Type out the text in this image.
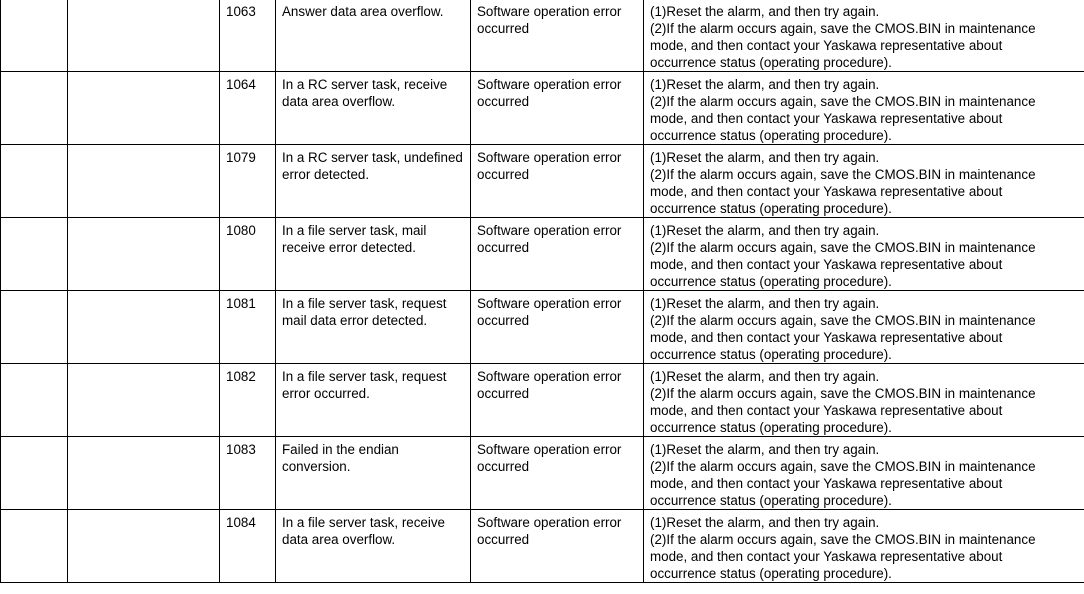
		1063	Answer data area overflow.	Software operation error occurred	(1)Reset the alarm, and then try again.
(2)If the alarm occurs again, save the CMOS.BIN in maintenance
mode, and then contact your Yaskawa representative about
occurrence status (operating procedure).

		1064	In a RC server task, receive data area overflow.	Software operation error occurred	(1)Reset the alarm, and then try again.
(2)If the alarm occurs again, save the CMOS.BIN in maintenance
mode, and then contact your Yaskawa representative about
occurrence status (operating procedure).

		1079	In a RC server task, undefined error detected.	Software operation error occurred	(1)Reset the alarm, and then try again.
(2)If the alarm occurs again, save the CMOS.BIN in maintenance
mode, and then contact your Yaskawa representative about
occurrence status (operating procedure).

		1080	In a file server task, mail receive error detected.	Software operation error occurred	(1)Reset the alarm, and then try again.
(2)If the alarm occurs again, save the CMOS.BIN in maintenance
mode, and then contact your Yaskawa representative about
occurrence status (operating procedure).

		1081	In a file server task, request mail data error detected.	Software operation error occurred	(1)Reset the alarm, and then try again.
(2)If the alarm occurs again, save the CMOS.BIN in maintenance
mode, and then contact your Yaskawa representative about
occurrence status (operating procedure).

		1082	In a file server task, request error occurred.	Software operation error occurred	(1)Reset the alarm, and then try again.
(2)If the alarm occurs again, save the CMOS.BIN in maintenance
mode, and then contact your Yaskawa representative about
occurrence status (operating procedure).

		1083	Failed in the endian conversion.	Software operation error occurred	(1)Reset the alarm, and then try again.
(2)If the alarm occurs again, save the CMOS.BIN in maintenance
mode, and then contact your Yaskawa representative about
occurrence status (operating procedure).

		1084	In a file server task, receive data area overflow.	Software operation error occurred	(1)Reset the alarm, and then try again.
(2)If the alarm occurs again, save the CMOS.BIN in maintenance
mode, and then contact your Yaskawa representative about
occurrence status (operating procedure).
